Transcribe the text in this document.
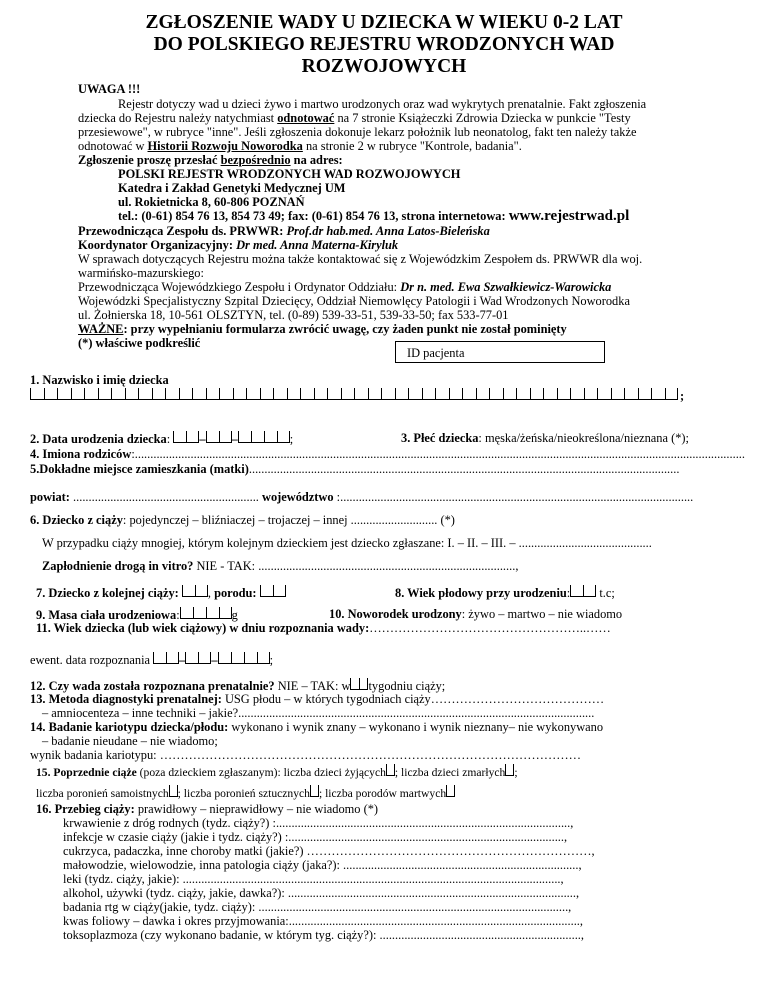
ZGŁOSZENIE WADY U DZIECKA W WIEKU 0-2 LAT
DO POLSKIEGO REJESTRU WRODZONYCH WAD
ROZWOJOWYCH
UWAGA !!!
Rejestr dotyczy wad u dzieci żywo i martwo urodzonych oraz wad wykrytych prenatalnie. Fakt zgłoszenia
dziecka do Rejestru należy natychmiast odnotować na 7 stronie Książeczki Zdrowia Dziecka w punkcie "Testy
przesiewowe", w rubryce "inne". Jeśli zgłoszenia dokonuje lekarz położnik lub neonatolog, fakt ten należy także
odnotować w Historii Rozwoju Noworodka na stronie 2 w rubryce "Kontrole, badania".
Zgłoszenie proszę przesłać bezpośrednio na adres:
POLSKI REJESTR WRODZONYCH WAD ROZWOJOWYCH
Katedra i Zakład Genetyki Medycznej UM
ul. Rokietnicka 8, 60-806 POZNAŃ
tel.: (0-61) 854 76 13, 854 73 49; fax: (0-61) 854 76 13, strona internetowa: www.rejestrwad.pl
Przewodnicząca Zespołu ds. PRWWR: Prof.dr hab.med. Anna Latos-Bieleńska
Koordynator Organizacyjny: Dr med. Anna Materna-Kiryluk
W sprawach dotyczących Rejestru można także kontaktować się z Wojewódzkim Zespołem ds. PRWWR dla woj.
warmińsko-mazurskiego:
Przewodnicząca Wojewódzkiego Zespołu i Ordynator Oddziału: Dr n. med. Ewa Szwałkiewicz-Warowicka
Wojewódzki Specjalistyczny Szpital Dziecięcy, Oddział Niemowlęcy Patologii i Wad Wrodzonych Noworodka
ul. Żołnierska 18, 10-561 OLSZTYN, tel. (0-89) 539-33-51, 539-33-50; fax 533-77-01
WAŻNE: przy wypełnianiu formularza zwrócić uwagę, czy żaden punkt nie został pominięty
(*) właściwe podkreślić
ID pacjenta
1. Nazwisko i imię dziecka
;
2. Data urodzenia dziecka: – –	;	3. Płeć dziecka: męska/żeńska/nieokreślona/nieznana (*);
4. Imiona rodziców:.....................................................................................................................................................................................................
5.Dokładne miejsce zamieszkania (matki)...........................................................................................................................................
powiat: ............................................................ województwo :..................................................................................................................
6. Dziecko z ciąży: pojedynczej – bliźniaczej – trojaczej – innej ............................ (*)
W przypadku ciąży mnogiej, którym kolejnym dzieckiem jest dziecko zgłaszane: I. – II. – III. – ...........................................
Zapłodnienie drogą in vitro? NIE - TAK: ...................................................................................,
7. Dziecko z kolejnej ciąży:
, porodu:	8. Wiek płodowy przy urodzeniu:
t.c;
9. Masa ciała urodzeniowa:	g	10. Noworodek urodzony: żywo – martwo – nie wiadomo
11. Wiek dziecka (lub wiek ciążowy) w dniu rozpoznania wady:……………………………………………..……
ewent. data rozpoznania – –	;
12. Czy wada została rozpoznana prenatalnie? NIE – TAK: w tygodniu ciąży;
13. Metoda diagnostyki prenatalnej: USG płodu – w których tygodniach ciąży……………………………………
– amniocenteza – inne techniki – jakie?...................................................................................................................
14. Badanie kariotypu dziecka/płodu: wykonano i wynik znany – wykonano i wynik nieznany– nie wykonywano
– badanie nieudane – nie wiadomo;
wynik badania kariotypu: …………………………………………………………………………………………
15. Poprzednie ciąże (poza dzieckiem zgłaszanym): liczba dzieci żyjących ; liczba dzieci zmarłych ;
liczba poronień samoistnych ; liczba poronień sztucznych ; liczba porodów martwych
16. Przebieg ciąży: prawidłowy – nieprawidłowy – nie wiadomo (*)
krwawienie z dróg rodnych (tydz. ciąży?) :...............................................................................................,
infekcje w czasie ciąży (jakie i tydz. ciąży?) :.........................................................................................,
cukrzyca, padaczka, inne choroby matki (jakie?) ……………………………………………………………,
małowodzie, wielowodzie, inna patologia ciąży (jaka?): ............................................................................,
leki (tydz. ciąży, jakie): ..........................................................................................................................,
alkohol, używki (tydz. ciąży, jakie, dawka?): .............................................................................................,
badania rtg w ciąży(jakie, tydz. ciąży): ....................................................................................................,
kwas foliowy – dawka i okres przyjmowania:..............................................................................................,
toksoplazmoza (czy wykonano badanie, w którym tyg. ciąży?): .................................................................,
